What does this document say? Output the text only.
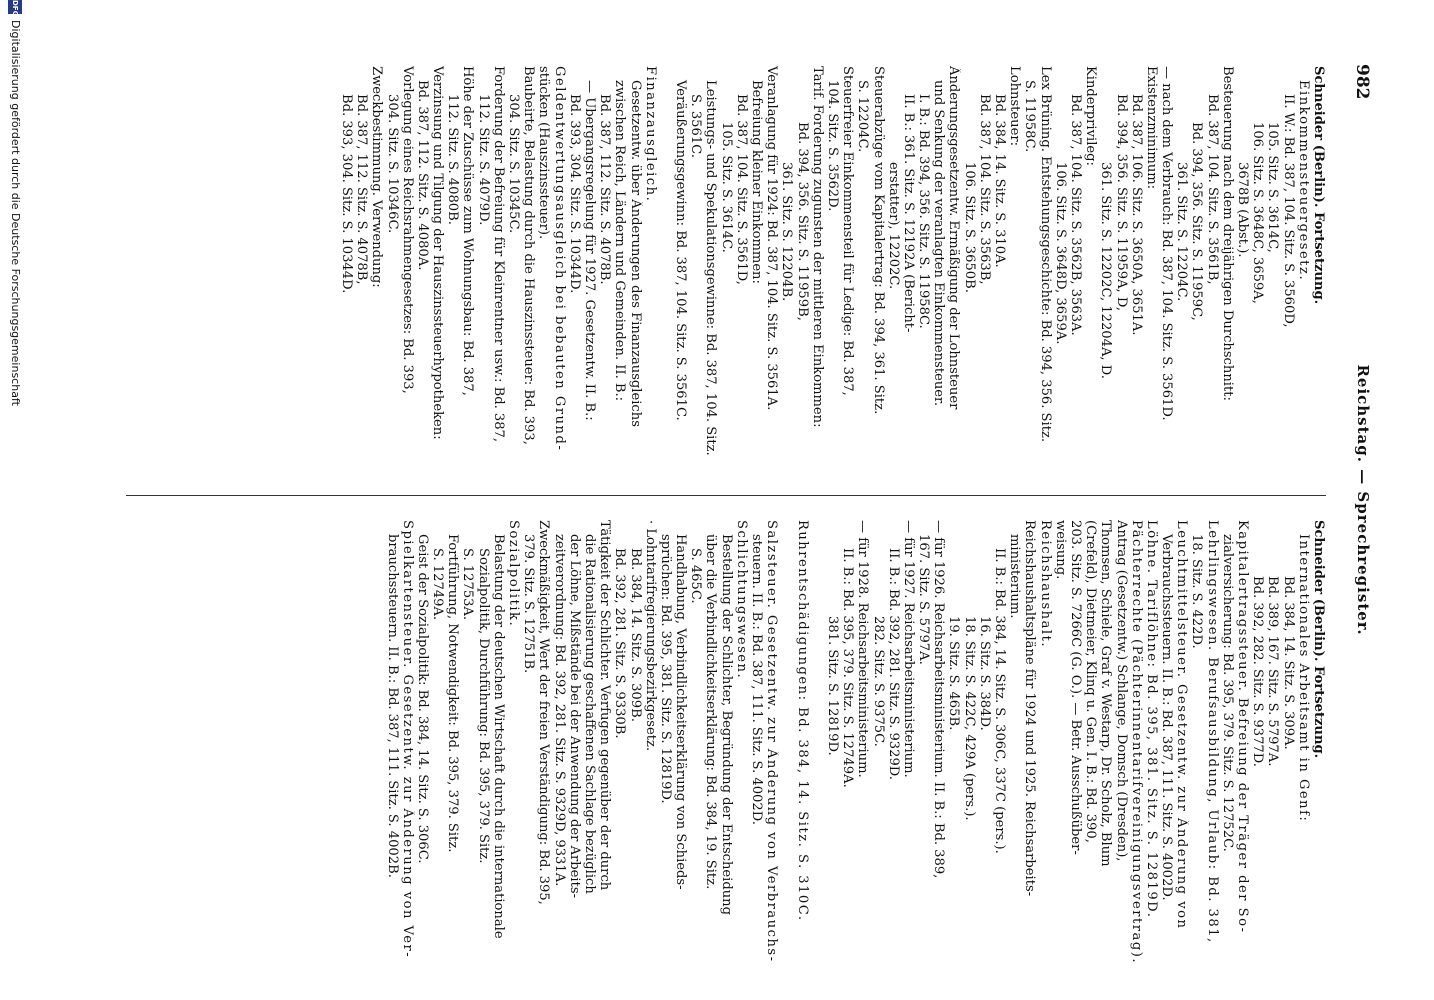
982
Reichstag. — Sprechregister.
Schneider (Berlin). Fortsetzung.
Einkommensteuergesetz.
II. W.: Bd. 387, 104. Sitz. S. 3560D,
105. Sitz. S. 3614C,
106. Sitz. S. 3648C, 3659A,
3678B (Abst.).
Besteuerung nach dem dreijährigen Durchschnitt:
Bd. 387, 104. Sitz. S. 3561B,
Bd. 394, 356. Sitz. S. 11959C,
361. Sitz. S. 12204C.
— nach dem Verbrauch: Bd. 387, 104. Sitz. S. 3561D.
Existenzminimum:
Bd. 387, 106. Sitz. S. 3650A, 3651A.
Bd. 394, 356. Sitz. S. 11959A, D,
361. Sitz. S. 12202C, 12204A, D.
Kinderprivileg:
Bd. 387, 104. Sitz. S. 3562B, 3563A.
106. Sitz. S. 3648D, 3659A.
Lex Brüning. Entstehungsgeschichte: Bd. 394, 356. Sitz.
S. 11958C.
Lohnsteuer:
Bd. 384, 14. Sitz. S. 310A.
Bd. 387, 104. Sitz. S. 3563B,
106. Sitz. S. 3650B.
Änderungsgesetzentw. Ermäßigung der Lohnsteuer
und Senkung der veranlagten Einkommensteuer.
I. B.: Bd. 394, 356. Sitz. S. 11958C.
II. B.: 361. Sitz. S. 12192A (Bericht-
erstatter), 12202C.
Steuerabzüge vom Kapitalertrag: Bd. 394, 361. Sitz.
S. 12204C.
Steuerfreier Einkommensteil für Ledige: Bd. 387,
104. Sitz. S. 3562D.
Tarif. Forderung zugunsten der mittleren Einkommen:
Bd. 394, 356. Sitz. S. 11959B,
361. Sitz. S. 12204B.
Veranlagung für 1924: Bd. 387, 104. Sitz. S. 3561A.
Befreiung kleiner Einkommen:
Bd. 387, 104. Sitz. S. 3561D,
105. Sitz. S. 3614C.
Leistungs- und Spekulationsgewinne: Bd. 387, 104. Sitz.
S. 3561C.
Veräußerungsgewinn: Bd. 387, 104. Sitz. S. 3561C.
Finanzausgleich.
Gesetzentw. über Änderungen des Finanzausgleichs
zwischen Reich, Ländern und Gemeinden. II. B.:
Bd. 387, 112. Sitz. S. 4078B.
— Übergangsregelung für 1927. Gesetzentw. II. B.:
Bd. 393, 304. Sitz. S. 10344D.
Geldentwertungsausgleich bei bebauten Grund-
stücken (Hauszinssteuer).
Baubeirte, Belastung durch die Hauszinssteuer: Bd. 393,
304. Sitz. S. 10345C.
Forderung der Befreiung für Kleinrentner usw.: Bd. 387,
112. Sitz. S. 4079D.
Höhe der Zuschüsse zum Wohnungsbau: Bd. 387,
112. Sitz. S. 4080B.
Verzinsung und Tilgung der Hauszinssteuerhypotheken:
Bd. 387, 112. Sitz. S. 4080A.
Vorlegung eines Reichsrahmengesetzes: Bd. 393,
304. Sitz. S. 10346C.
Zweckbestimmung. Verwendung:
Bd. 387, 112. Sitz. S. 4078B,
Bd. 393, 304. Sitz. S. 10344D.
Schneider (Berlin). Fortsetzung.
Internationales Arbeitsamt in Genf:
Bd. 384, 14. Sitz. S. 309A.
Bd. 389, 167. Sitz. S. 5797A.
Bd. 392, 282. Sitz. S. 9377D.
Kapitalertragssteuer. Befreiung der Träger der So-
zialversicherung: Bd. 395, 379. Sitz. S. 12752C.
Lehrlingswesen. Berufsausbildung, Urlaub: Bd. 381,
18. Sitz. S. 422D.
Leuchtmittelsteuer. Gesetzentw. zur Änderung von
Verbrauchssteuern. II. B.: Bd. 387, 111. Sitz. S. 4002D.
Löhne. Tariflöhne: Bd. 395, 381. Sitz. S. 12819D.
Pächterrechte (Pächterinnentarifvereinigungsvertrag).
Antrag (Gesetzentw.) Schlange, Domsch (Dresden),
Thomsen, Schiele, Graf v. Westarp, Dr. Scholz, Blum
(Crefeld), Dietmeier, Klinq u. Gen. I. B.: Bd. 390,
203. Sitz. S. 7266C (G. O.). — Betr. Ausschußüber-
weisung.
Reichshaushalt.
Reichshaushaltspläne für 1924 und 1925. Reichsarbeits-
ministerium.
II. B.: Bd. 384, 14. Sitz. S. 306C, 337C (pers.).
16. Sitz. S. 384D.
18. Sitz. S. 422C, 429A (pers.).
19. Sitz. S. 465B.
— für 1926. Reichsarbeitsministerium. II. B.: Bd. 389,
167. Sitz. S. 5797A.
— für 1927. Reichsarbeitsministerium.
II. B.: Bd. 392, 281. Sitz. S. 9329D.
282. Sitz. S. 9375C.
— für 1928. Reichsarbeitsministerium.
II. B.: Bd. 395, 379. Sitz. S. 12749A.
381. Sitz. S. 12819D.
Ruhrentschädigungen: Bd. 384, 14. Sitz. S. 310C.
Salzsteuer. Gesetzentw. zur Änderung von Verbrauchs-
steuern. II. B.: Bd. 387, 111. Sitz. S. 4002D.
Schlichtungswesen.
Bestellung der Schlichter, Begründung der Entscheidung
über die Verbindlichkeitserklärung: Bd. 384, 19. Sitz.
S. 465C.
Handhabung, Verbindlichkeitserklärung von Schieds-
sprüchen: Bd. 395, 381. Sitz. S. 12819D.
· Lohntarifregierungsbezirkgesetz.
Bd. 384, 14. Sitz. S. 309B.
Bd. 392, 281. Sitz. S. 9330B.
Tätigkeit der Schlichter. Verfugen gegenüber der durch
die Rationalisierung geschaffenen Sachlage bezüglich
der Löhne, Mißstände bei der Anwendung der Arbeits-
zeitverordnung: Bd. 392, 281. Sitz. S. 9329D, 9331A.
Zweckmäßigkeit, Wert der freien Verständigung: Bd. 395,
379. Sitz. S. 12751B.
Sozialpolitik.
Belastung der deutschen Wirtschaft durch die internationale
Sozialpolitik, Durchführung: Bd. 395, 379. Sitz.
S. 12753A.
Fortführung, Notwendigkeit: Bd. 395, 379. Sitz.
S. 12749A.
Geist der Sozialpolitik: Bd. 384, 14. Sitz. S. 306C.
Spielkartensteuer. Gesetzentw. zur Änderung von Ver-
brauchssteuern. II. B.: Bd. 387, 111. Sitz. S. 4002B.
DFG
Digitalisierung gefördert durch die Deutsche Forschungsgemeinschaft
